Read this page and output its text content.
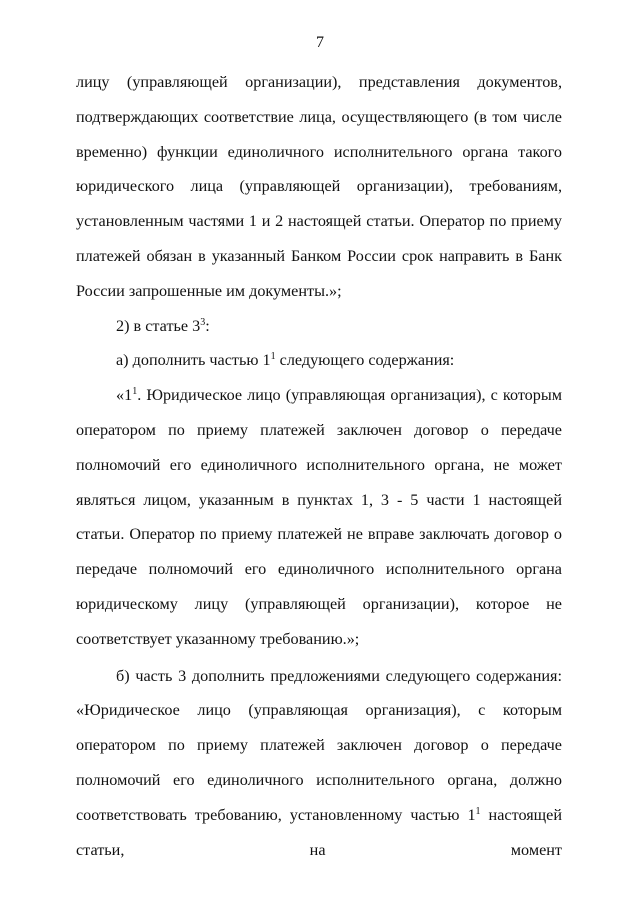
7

лицу (управляющей организации), представления документов, подтверждающих соответствие лица, осуществляющего (в том числе временно) функции единоличного исполнительного органа такого юридического лица (управляющей организации), требованиям, установленным частями 1 и 2 настоящей статьи. Оператор по приему платежей обязан в указанный Банком России срок направить в Банк России запрошенные им документы.»;

2) в статье $3^3$:

а) дополнить частью $1^1$ следующего содержания:

«$1^1$. Юридическое лицо (управляющая организация), с которым оператором по приему платежей заключен договор о передаче полномочий его единоличного исполнительного органа, не может являться лицом, указанным в пунктах 1, 3 - 5 части 1 настоящей статьи. Оператор по приему платежей не вправе заключать договор о передаче полномочий его единоличного исполнительного органа юридическому лицу (управляющей организации), которое не соответствует указанному требованию.»;

б) часть 3 дополнить предложениями следующего содержания: «Юридическое лицо (управляющая организация), с которым оператором по приему платежей заключен договор о передаче полномочий его единоличного исполнительного органа, должно соответствовать требованию, установленному частью $1^1$ настоящей статьи, на момент
